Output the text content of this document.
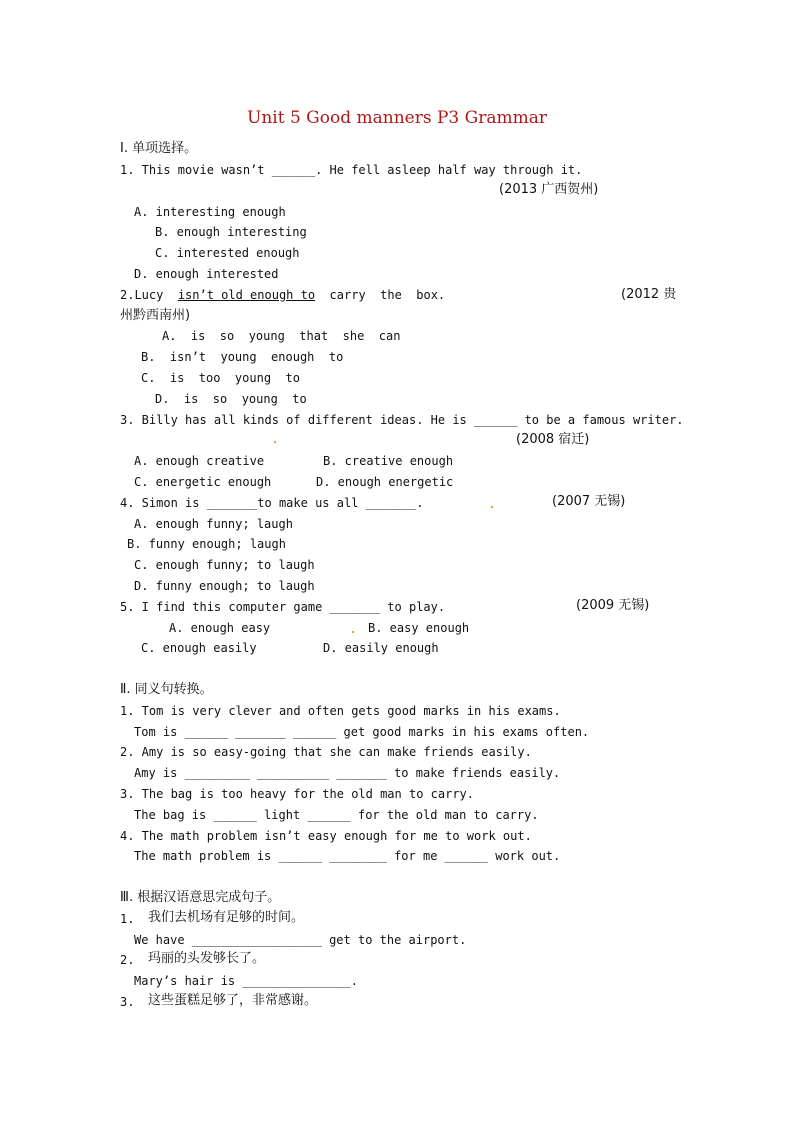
Unit 5 Good manners P3 Grammar
Ⅰ. 单项选择。
1. This movie wasn’t ______. He fell asleep half way through it.
(2013 广西贺州)
A. interesting enough
B. enough interesting
C. interested enough
D. enough interested
2.Lucy isn’t old enough to carry  the  box.	(2012 贵
州黔西南州)
A.  is  so  young  that  she  can
B.  isn’t  young  enough  to
C.  is  too  young  to
D.  is  so  young  to
3. Billy has all kinds of different ideas. He is ______ to be a famous writer.
(2008 宿迁)
A. enough creative	B. creative enough
C. energetic enough	D. enough energetic
4. Simon is _______to make us all _______.	(2007 无锡)
A. enough funny; laugh
B. funny enough; laugh
C. enough funny; to laugh
D. funny enough; to laugh
5. I find this computer game _______ to play.	(2009 无锡)
A. enough easy	B. easy enough
C. enough easily	D. easily enough
Ⅱ. 同义句转换。
1. Tom is very clever and often gets good marks in his exams.
Tom is ______ _______ ______ get good marks in his exams often.
2. Amy is so easy-going that she can make friends easily.
Amy is _________ __________ _______ to make friends easily.
3. The bag is too heavy for the old man to carry.
The bag is ______ light ______ for the old man to carry.
4. The math problem isn’t easy enough for me to work out.
The math problem is ______ ________ for me ______ work out.
Ⅲ. 根据汉语意思完成句子。
1. 我们去机场有足够的时间。
We have __________________ get to the airport.
2. 玛丽的头发够长了。
Mary’s hair is _______________.
3. 这些蛋糕足够了，非常感谢。
